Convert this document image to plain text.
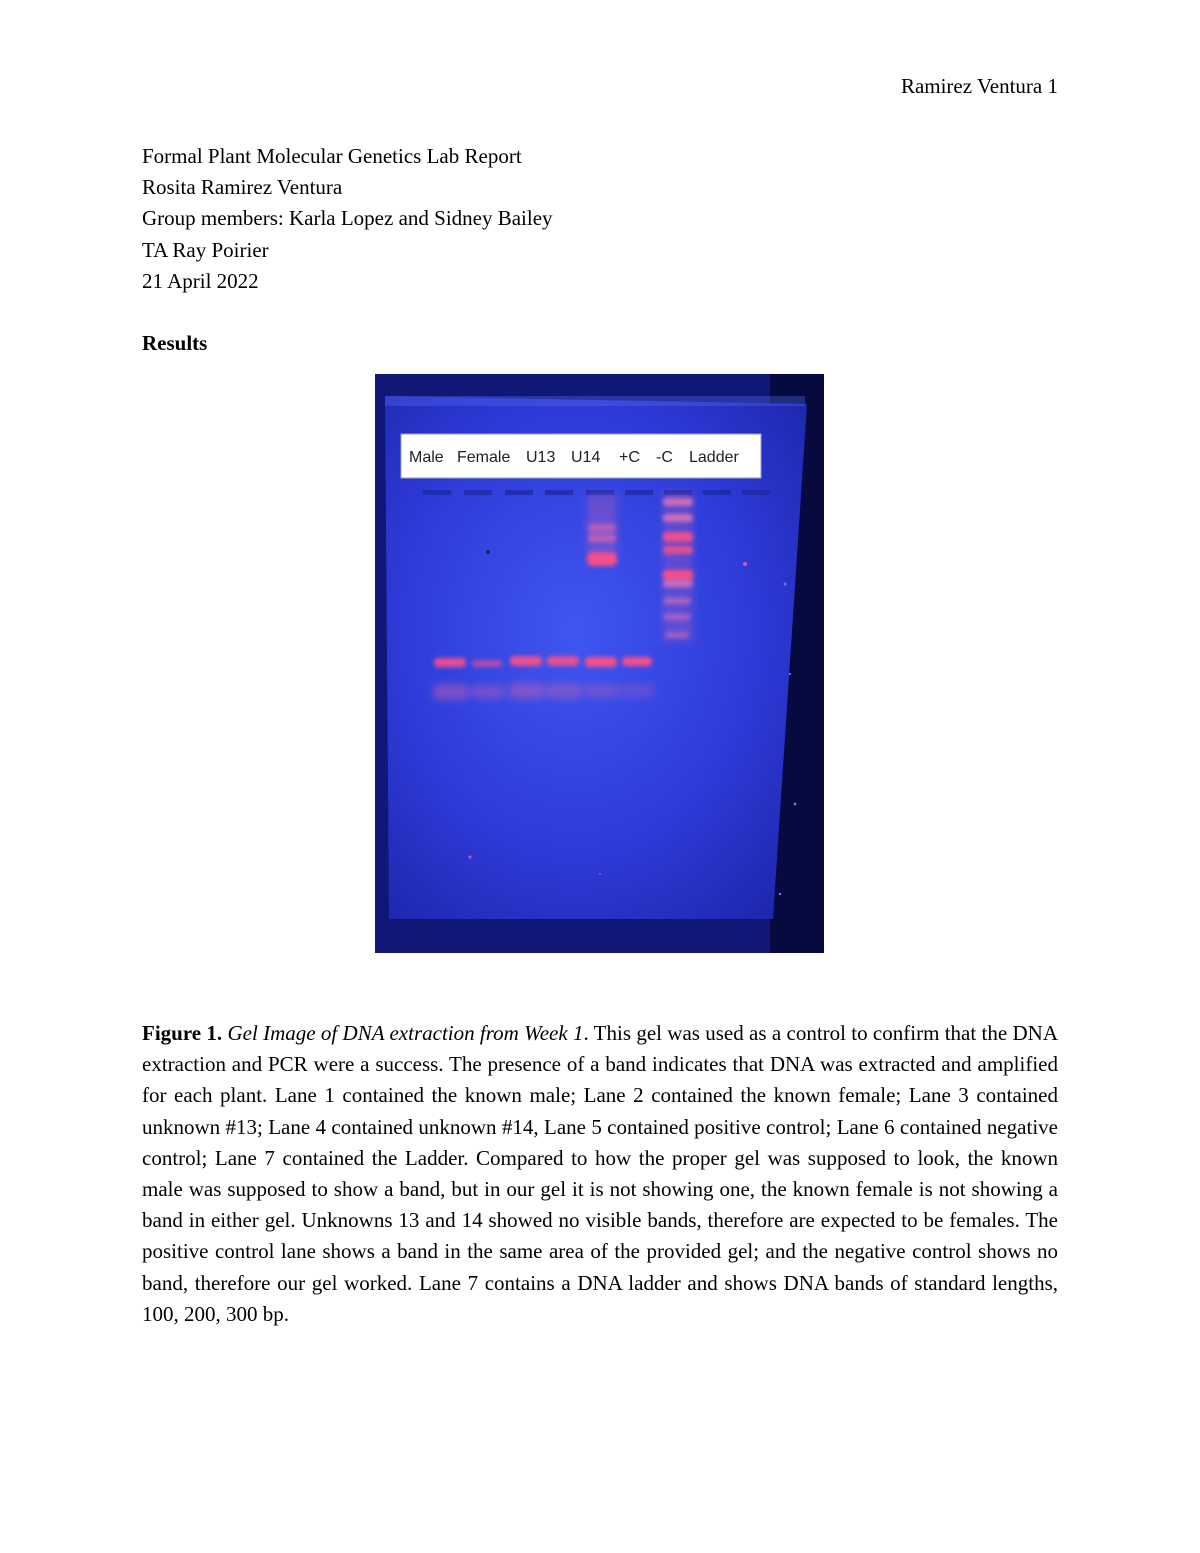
Ramirez Ventura 1
Formal Plant Molecular Genetics Lab Report
Rosita Ramirez Ventura
Group members: Karla Lopez and Sidney Bailey
TA Ray Poirier
21 April 2022
Results
Male Female U13 U14 +C -C Ladder
Figure 1. Gel Image of DNA extraction from Week 1. This gel was used as a control to confirm that the DNA extraction and PCR were a success. The presence of a band indicates that DNA was extracted and amplified for each plant. Lane 1 contained the known male; Lane 2 contained the known female; Lane 3 contained unknown #13; Lane 4 contained unknown #14, Lane 5 contained positive control; Lane 6 contained negative control; Lane 7 contained the Ladder. Compared to how the proper gel was supposed to look, the known male was supposed to show a band, but in our gel it is not showing one, the known female is not showing a band in either gel. Unknowns 13 and 14 showed no visible bands, therefore are expected to be females. The positive control lane shows a band in the same area of the provided gel; and the negative control shows no band, therefore our gel worked. Lane 7 contains a DNA ladder and shows DNA bands of standard lengths, 100, 200, 300 bp.
